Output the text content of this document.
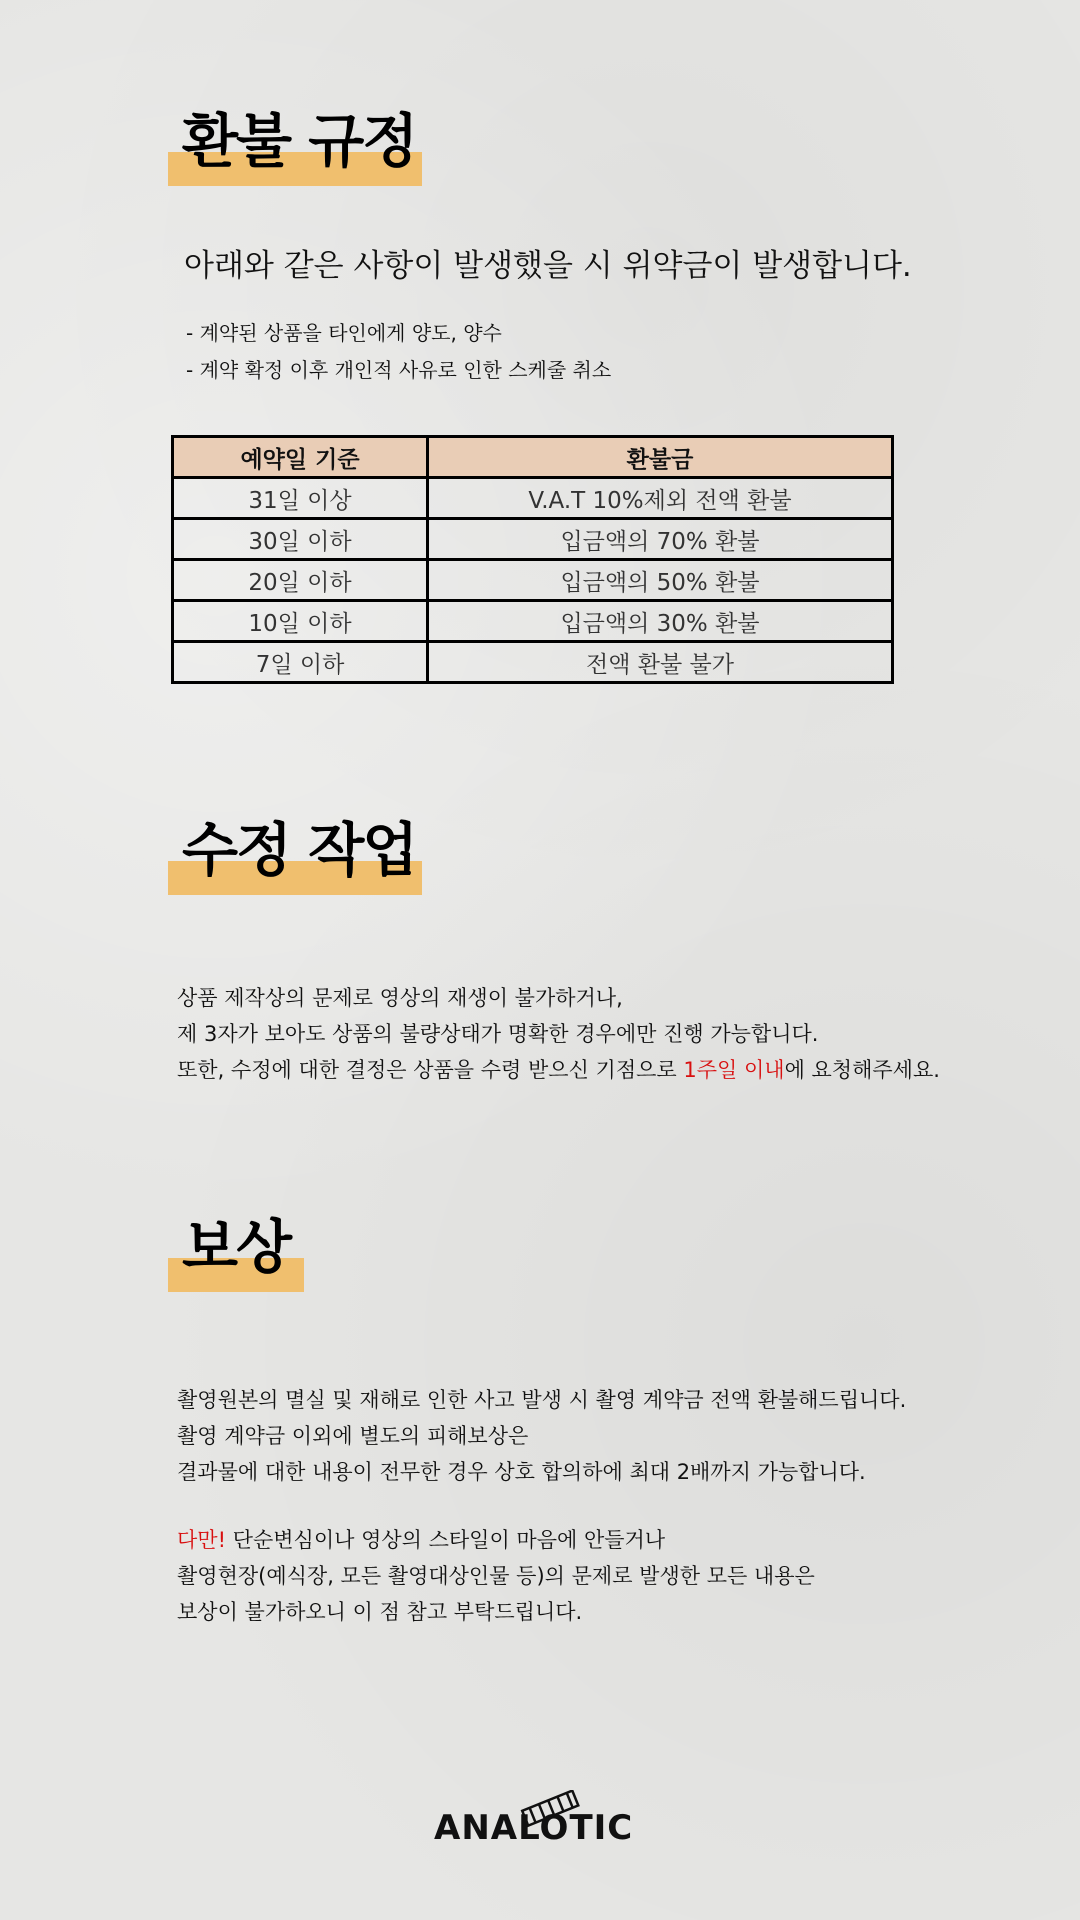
환불 규정
아래와 같은 사항이 발생했을 시 위약금이 발생합니다.
- 계약된 상품을 타인에게 양도, 양수
- 계약 확정 이후 개인적 사유로 인한 스케줄 취소
예약일 기준	환불금
31일 이상	V.A.T 10%제외 전액 환불
30일 이하	입금액의 70% 환불
20일 이하	입금액의 50% 환불
10일 이하	입금액의 30% 환불
7일 이하	전액 환불 불가
수정 작업
상품 제작상의 문제로 영상의 재생이 불가하거나,
제 3자가 보아도 상품의 불량상태가 명확한 경우에만 진행 가능합니다.
또한, 수정에 대한 결정은 상품을 수령 받으신 기점으로 1주일 이내에 요청해주세요.
보상
촬영원본의 멸실 및 재해로 인한 사고 발생 시 촬영 계약금 전액 환불해드립니다.
촬영 계약금 이외에 별도의 피해보상은
결과물에 대한 내용이 전무한 경우 상호 합의하에 최대 2배까지 가능합니다.
다만! 단순변심이나 영상의 스타일이 마음에 안들거나
촬영현장(예식장, 모든 촬영대상인물 등)의 문제로 발생한 모든 내용은
보상이 불가하오니 이 점 참고 부탁드립니다.
ANALOTIC
